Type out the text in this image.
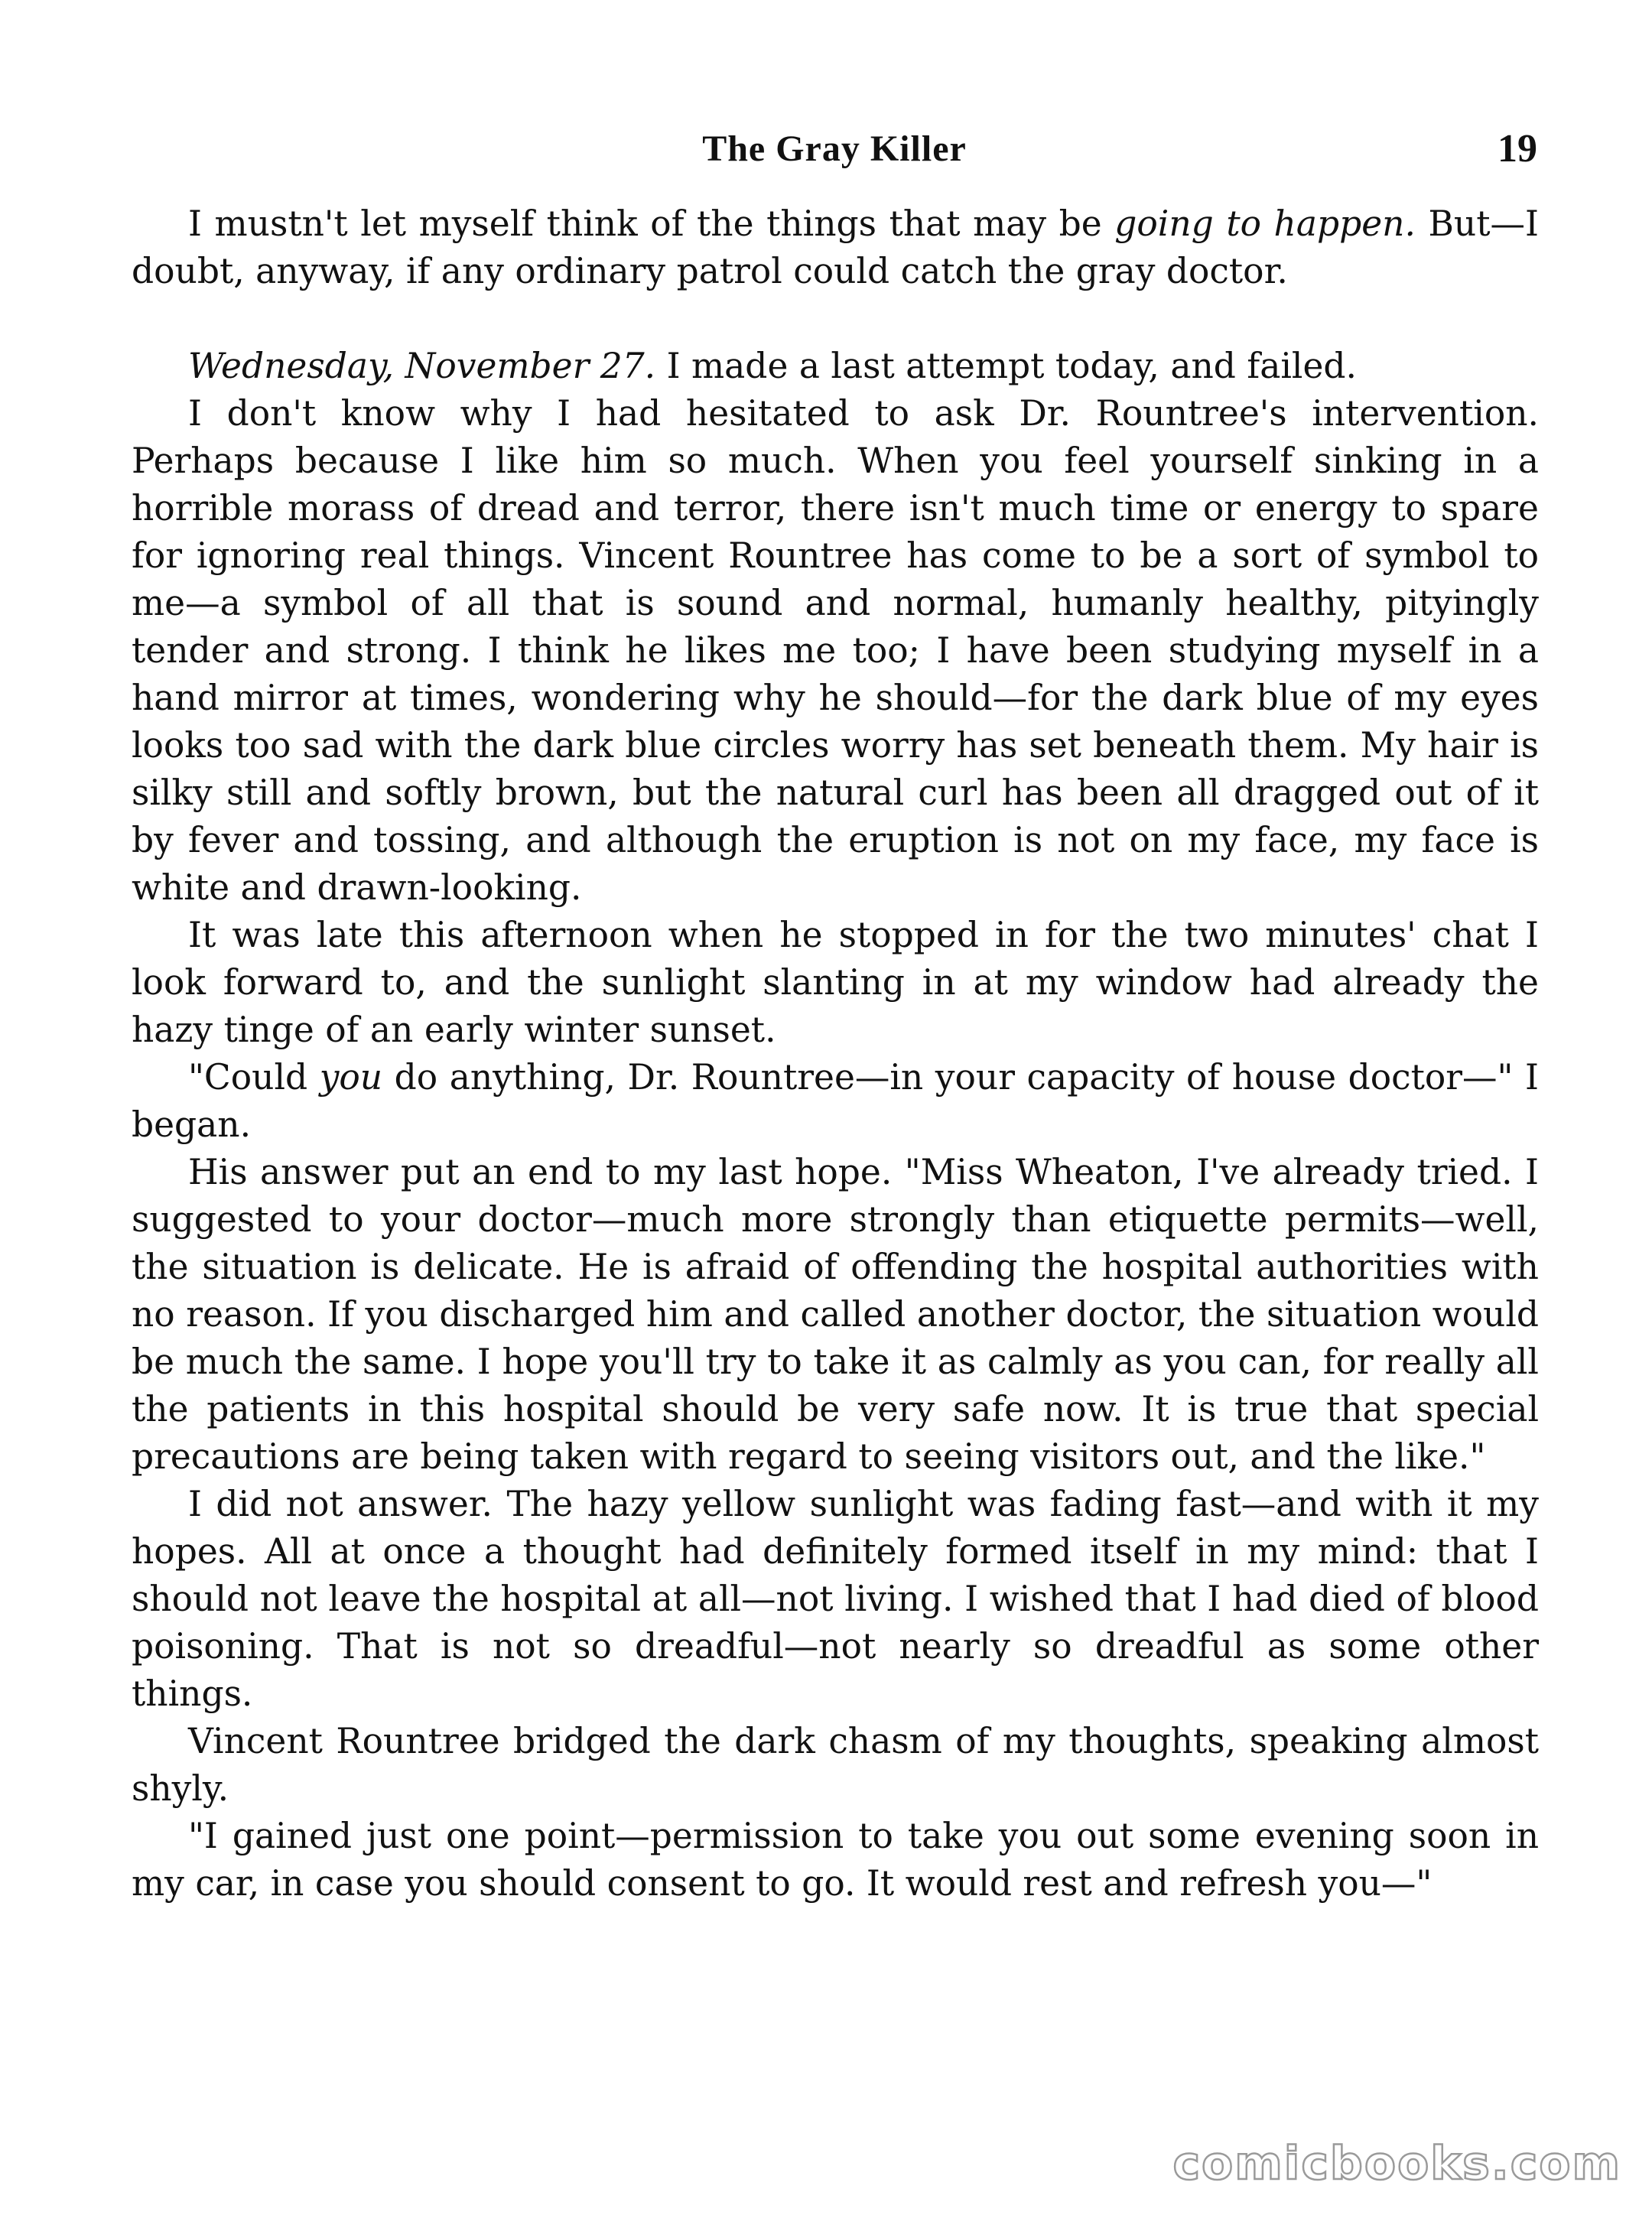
The Gray Killer	19

I mustn't let myself think of the things that may be going to happen. But—I doubt, anyway, if any ordinary patrol could catch the gray doctor.

Wednesday, November 27. I made a last attempt today, and failed.

I don't know why I had hesitated to ask Dr. Rountree's intervention. Perhaps because I like him so much. When you feel yourself sinking in a horrible morass of dread and terror, there isn't much time or energy to spare for ignoring real things. Vincent Rountree has come to be a sort of symbol to me—a symbol of all that is sound and normal, humanly healthy, pityingly tender and strong. I think he likes me too; I have been studying myself in a hand mirror at times, wondering why he should—for the dark blue of my eyes looks too sad with the dark blue circles worry has set beneath them. My hair is silky still and softly brown, but the natural curl has been all dragged out of it by fever and tossing, and although the eruption is not on my face, my face is white and drawn-looking.

It was late this afternoon when he stopped in for the two minutes' chat I look forward to, and the sunlight slanting in at my window had already the hazy tinge of an early winter sunset.

"Could you do anything, Dr. Rountree—in your capacity of house doctor—" I began.

His answer put an end to my last hope. "Miss Wheaton, I've already tried. I suggested to your doctor—much more strongly than etiquette permits—well, the situation is delicate. He is afraid of offending the hospital authorities with no reason. If you discharged him and called another doctor, the situation would be much the same. I hope you'll try to take it as calmly as you can, for really all the patients in this hospital should be very safe now. It is true that special precautions are being taken with regard to seeing visitors out, and the like."

I did not answer. The hazy yellow sunlight was fading fast—and with it my hopes. All at once a thought had definitely formed itself in my mind: that I should not leave the hospital at all—not living. I wished that I had died of blood poisoning. That is not so dreadful—not nearly so dreadful as some other things.

Vincent Rountree bridged the dark chasm of my thoughts, speaking almost shyly.

"I gained just one point—permission to take you out some evening soon in my car, in case you should consent to go. It would rest and refresh you—"

comicbooks.com
